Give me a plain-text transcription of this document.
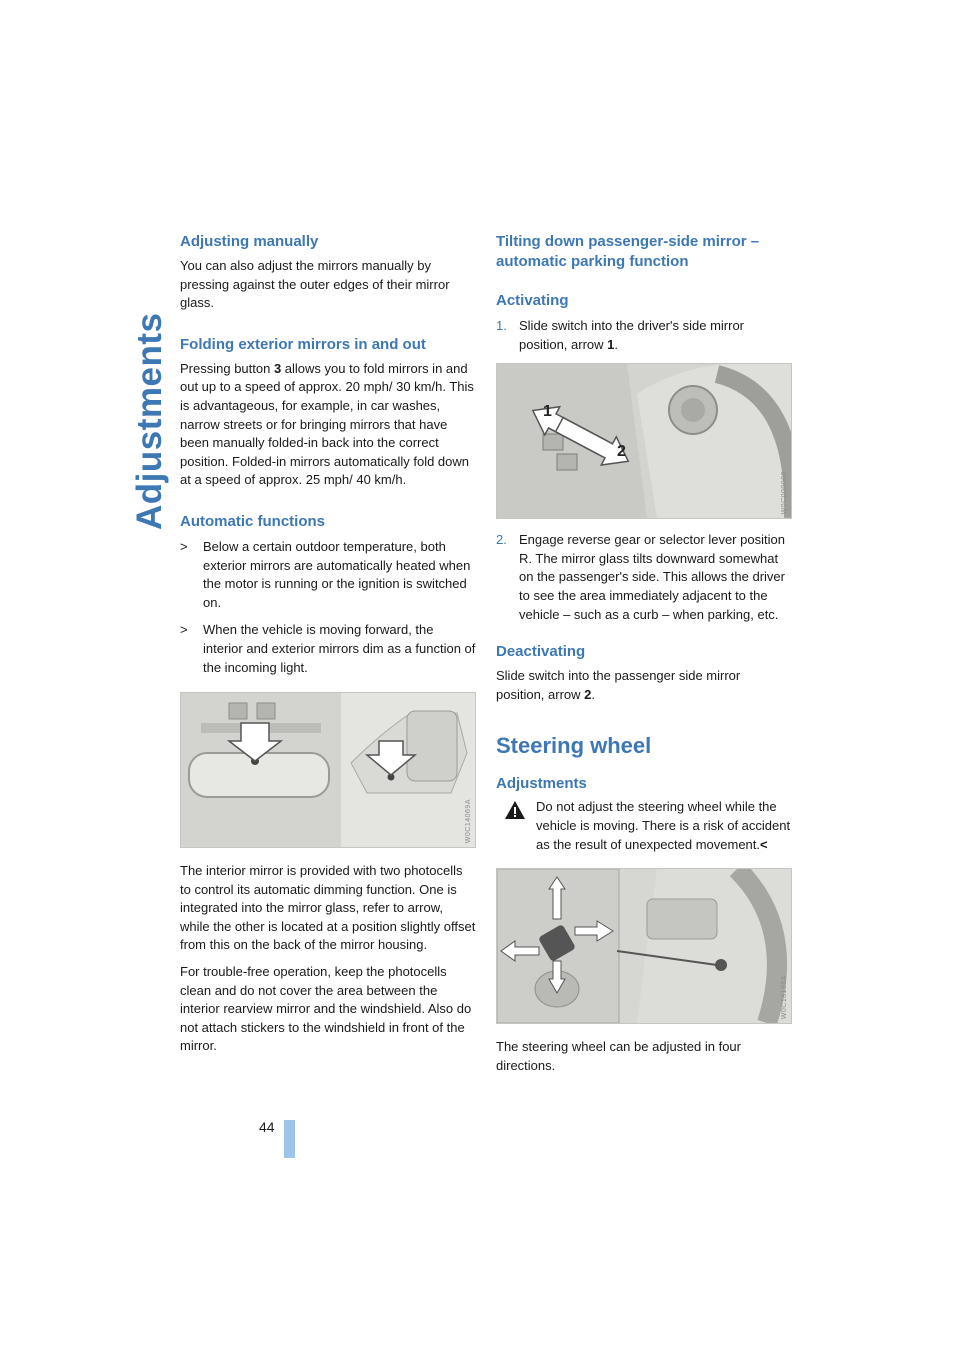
Adjustments
Adjusting manually

You can also adjust the mirrors manually by pressing against the outer edges of their mirror glass.

Folding exterior mirrors in and out

Pressing button 3 allows you to fold mirrors in and out up to a speed of approx. 20 mph/ 30 km/h. This is advantageous, for example, in car washes, narrow streets or for bringing mirrors that have been manually folded-in back into the correct position. Folded-in mirrors automatically fold down at a speed of approx. 25 mph/ 40 km/h.

Automatic functions
> Below a certain outdoor temperature, both exterior mirrors are automatically heated when the motor is running or the ignition is switched on.
> When the vehicle is moving forward, the interior and exterior mirrors dim as a function of the incoming light.
W0C14069A

The interior mirror is provided with two photocells to control its automatic dimming function. One is integrated into the mirror glass, refer to arrow, while the other is located at a position slightly offset from this on the back of the mirror housing.

For trouble-free operation, keep the photocells clean and do not cover the area between the interior rearview mirror and the windshield. Also do not attach stickers to the windshield in front of the mirror.

Tilting down passenger-side mirror – automatic parking function
Activating
1. Slide switch into the driver's side mirror position, arrow 1.
1
2
W0C000006
2. Engage reverse gear or selector lever position R. The mirror glass tilts downward somewhat on the passenger's side. This allows the driver to see the area immediately adjacent to the vehicle – such as a curb – when parking, etc.
Deactivating

Slide switch into the passenger side mirror position, arrow 2.

Steering wheel
Adjustments

Do not adjust the steering wheel while the vehicle is moving. There is a risk of accident as the result of unexpected movement.<

W0C18196A

The steering wheel can be adjusted in four directions.

44
